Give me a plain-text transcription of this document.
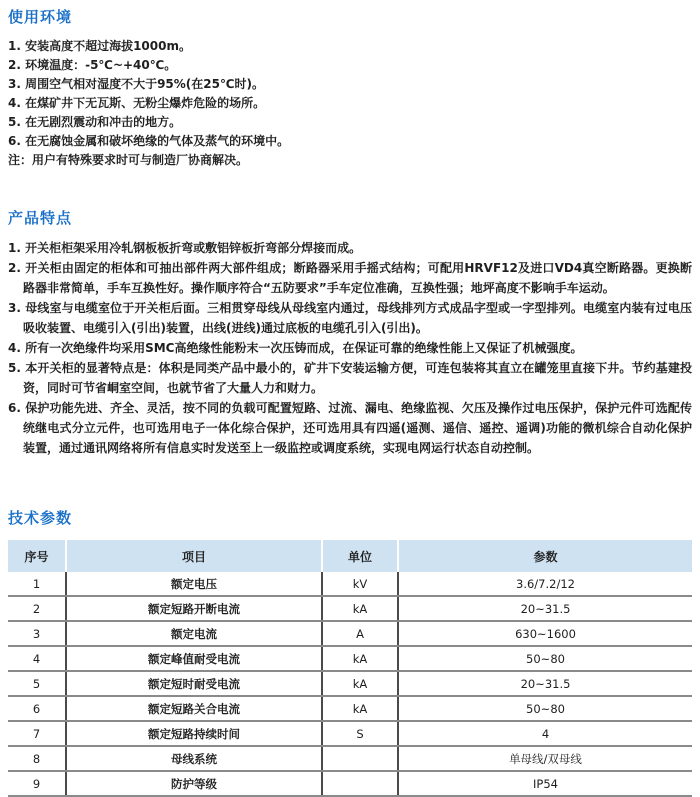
使用环境
1. 安装高度不超过海拔1000m。
2. 环境温度：-5℃~+40℃。
3. 周围空气相对湿度不大于95%(在25℃时)。
4. 在煤矿井下无瓦斯、无粉尘爆炸危险的场所。
5. 在无剧烈震动和冲击的地方。
6. 在无腐蚀金属和破坏绝缘的气体及蒸气的环境中。
注：用户有特殊要求时可与制造厂协商解决。
产品特点
1. 开关柜柜架采用冷轧钢板板折弯或敷铝锌板折弯部分焊接而成。
2. 开关柜由固定的柜体和可抽出部件两大部件组成；断路器采用手摇式结构；可配用HRVF12及进口VD4真空断路器。更换断路器非常简单，手车互换性好。操作顺序符合“五防要求”手车定位准确，互换性强；地坪高度不影响手车运动。
3. 母线室与电缆室位于开关柜后面。三相贯穿母线从母线室内通过，母线排列方式成品字型或一字型排列。电缆室内装有过电压吸收装置、电缆引入(引出)装置，出线(进线)通过底板的电缆孔引入(引出)。
4. 所有一次绝缘件均采用SMC高绝缘性能粉末一次压铸而成，在保证可靠的绝缘性能上又保证了机械强度。
5. 本开关柜的显著特点是：体积是同类产品中最小的，矿井下安装运输方便，可连包装将其直立在罐笼里直接下井。节约基建投资，同时可节省峒室空间，也就节省了大量人力和财力。
6. 保护功能先进、齐全、灵活，按不同的负载可配置短路、过流、漏电、绝缘监视、欠压及操作过电压保护，保护元件可选配传统继电式分立元件，也可选用电子一体化综合保护，还可选用具有四遥(遥测、遥信、遥控、遥调)功能的微机综合自动化保护装置，通过通讯网络将所有信息实时发送至上一级监控或调度系统，实现电网运行状态自动控制。
技术参数
序号	项目	单位	参数
1	额定电压	kV	3.6/7.2/12
2	额定短路开断电流	kA	20~31.5
3	额定电流	A	630~1600
4	额定峰值耐受电流	kA	50~80
5	额定短时耐受电流	kA	20~31.5
6	额定短路关合电流	kA	50~80
7	额定短路持续时间	S	4
8	母线系统		单母线/双母线
9	防护等级		IP54
